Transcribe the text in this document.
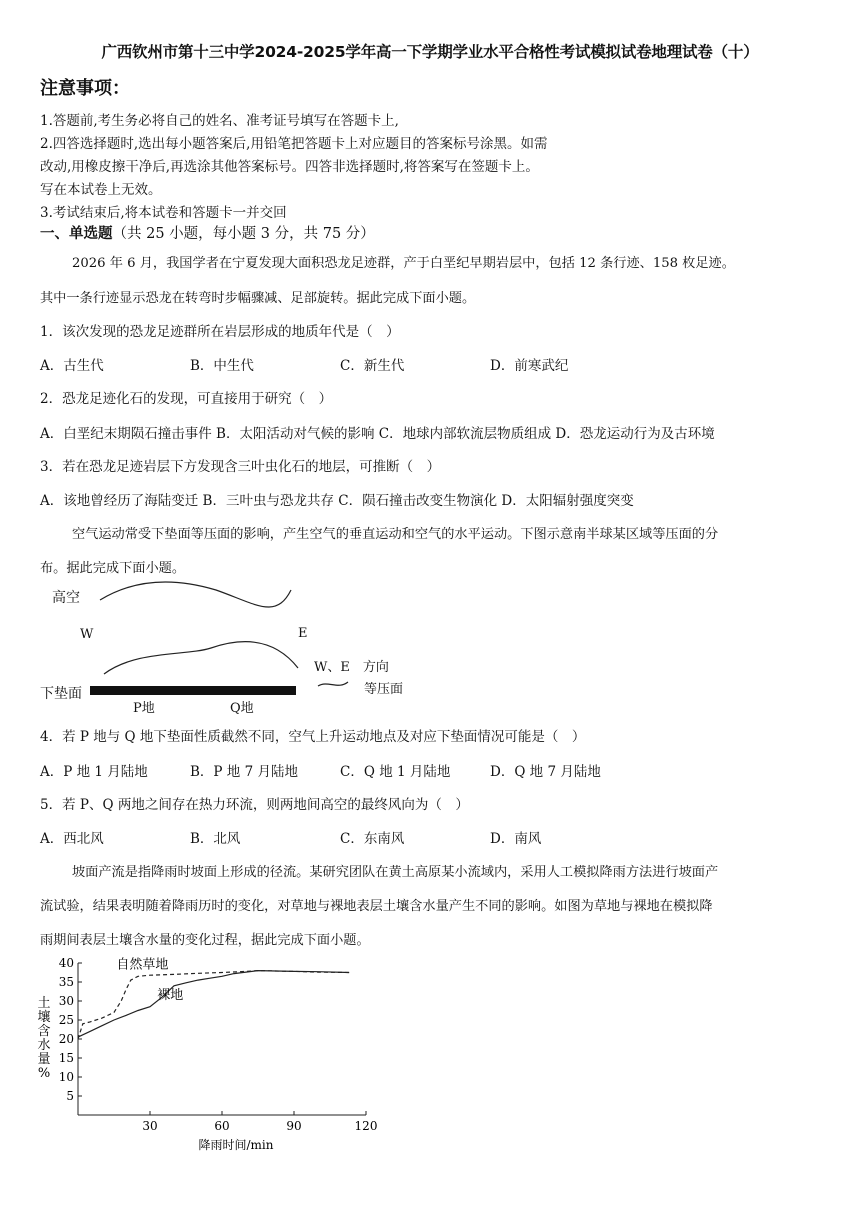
广西钦州市第十三中学2024-2025学年高一下学期学业水平合格性考试模拟试卷地理试卷（十）
注意事项：
1.答题前,考生务必将自己的姓名、准考证号填写在答题卡上,
2.四答选择题时,选出每小题答案后,用铅笔把答题卡上对应题目的答案标号涂黑。如需
改动,用橡皮擦干净后,再选涂其他答案标号。四答非选择题时,将答案写在签题卡上。
写在本试卷上无效。
3.考试结束后,将本试卷和答题卡一并交回
一、单选题（共 25 小题，每小题 3 分，共 75 分）
2026 年 6 月，我国学者在宁夏发现大面积恐龙足迹群，产于白垩纪早期岩层中，包括 12 条行迹、158 枚足迹。
其中一条行迹显示恐龙在转弯时步幅骤减、足部旋转。据此完成下面小题。
1．该次发现的恐龙足迹群所在岩层形成的地质年代是（　）
A．古生代	B．中生代	C．新生代	D．前寒武纪
2．恐龙足迹化石的发现，可直接用于研究（　）
A．白垩纪末期陨石撞击事件 B．太阳活动对气候的影响 C．地球内部软流层物质组成 D．恐龙运动行为及古环境
3．若在恐龙足迹岩层下方发现含三叶虫化石的地层，可推断（　）
A．该地曾经历了海陆变迁 B．三叶虫与恐龙共存 C．陨石撞击改变生物演化 D．太阳辐射强度突变
空气运动常受下垫面等压面的影响，产生空气的垂直运动和空气的水平运动。下图示意南半球某区域等压面的分
布。据此完成下面小题。
高空
W	E
下垫面
P地	Q地
W、E　方向
等压面
4．若 P 地与 Q 地下垫面性质截然不同，空气上升运动地点及对应下垫面情况可能是（　）
A．P 地 1 月陆地	B．P 地 7 月陆地	C．Q 地 1 月陆地	D．Q 地 7 月陆地
5．若 P、Q 两地之间存在热力环流，则两地间高空的最终风向为（　）
A．西北风	B．北风	C．东南风	D．南风
坡面产流是指降雨时坡面上形成的径流。某研究团队在黄土高原某小流域内，采用人工模拟降雨方法进行坡面产
流试验，结果表明随着降雨历时的变化，对草地与裸地表层土壤含水量产生不同的影响。如图为草地与裸地在模拟降
雨期间表层土壤含水量的变化过程，据此完成下面小题。
5
10
15
20
25
30
35
40
30	60	90	120
自然草地
裸地
土壤含水量%
降雨时间/min
